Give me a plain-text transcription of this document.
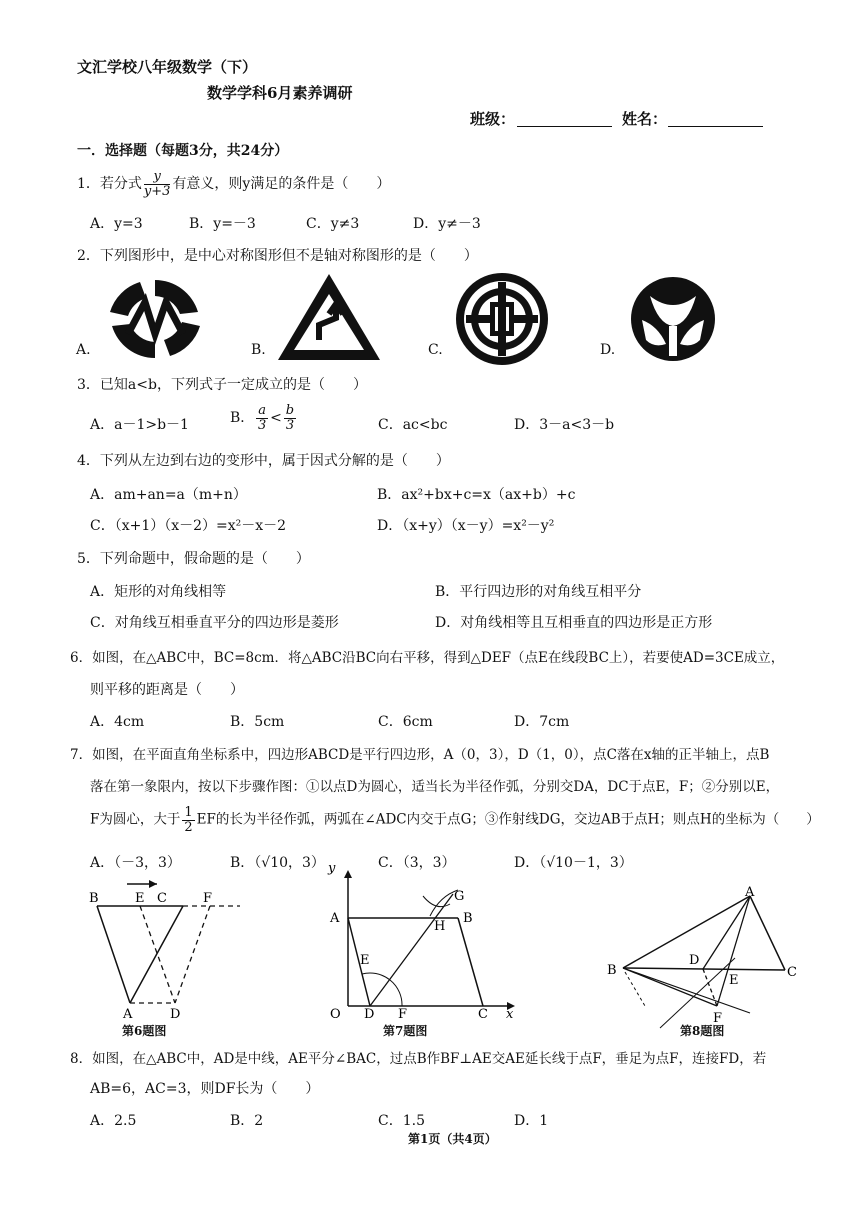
文汇学校八年级数学（下）
数学学科6月素养调研
班级：	姓名：
一．选择题（每题3分，共24分）
1．若分式 $\frac{y}{y+3}$ 有意义，则y满足的条件是（　　）
A．y=3	B．y=－3	C．y≠3	D．y≠－3
2．下列图形中，是中心对称图形但不是轴对称图形的是（　　）
A.	B.	C.	D.
3．已知a<b，下列式子一定成立的是（　　）
A．a－1>b－1	B． $\frac{a}{3} < \frac{b}{3}$	C．ac<bc	D．3－a<3－b
4．下列从左边到右边的变形中，属于因式分解的是（　　）
A．am+an=a（m+n）	B．ax²+bx+c=x（ax+b）+c
C．（x+1）（x－2）=x²－x－2	D．（x+y）（x－y）=x²－y²
5．下列命题中，假命题的是（　　）
A．矩形的对角线相等	B．平行四边形的对角线互相平分
C．对角线互相垂直平分的四边形是菱形	D．对角线相等且互相垂直的四边形是正方形
6．如图，在△ABC中，BC=8cm．将△ABC沿BC向右平移，得到△DEF（点E在线段BC上），若要使AD=3CE成立，
则平移的距离是（　　）
A．4cm	B．5cm	C．6cm	D．7cm
7．如图，在平面直角坐标系中，四边形ABCD是平行四边形，A（0，3），D（1，0），点C落在x轴的正半轴上，点B
落在第一象限内，按以下步骤作图：①以点D为圆心，适当长为半径作弧，分别交DA，DC于点E，F；②分别以E，
F为圆心，大于 $\frac{1}{2}$ EF的长为半径作弧，两弧在∠ADC内交于点G；③作射线DG，交边AB于点H；则点H的坐标为（　　）
A．（－3，3）	B．（√10，3）	C．（3，3）	D．（√10－1，3）
B	E C	F
A	D
第6题图
y
A	B
G
H
E
O D F	C x
第7题图
A
B	C
D
E
F
第8题图
8．如图，在△ABC中，AD是中线，AE平分∠BAC，过点B作BF⊥AE交AE延长线于点F，垂足为点F，连接FD，若
AB=6，AC=3，则DF长为（　　）
A．2.5	B．2	C．1.5	D．1
第1页（共4页）
